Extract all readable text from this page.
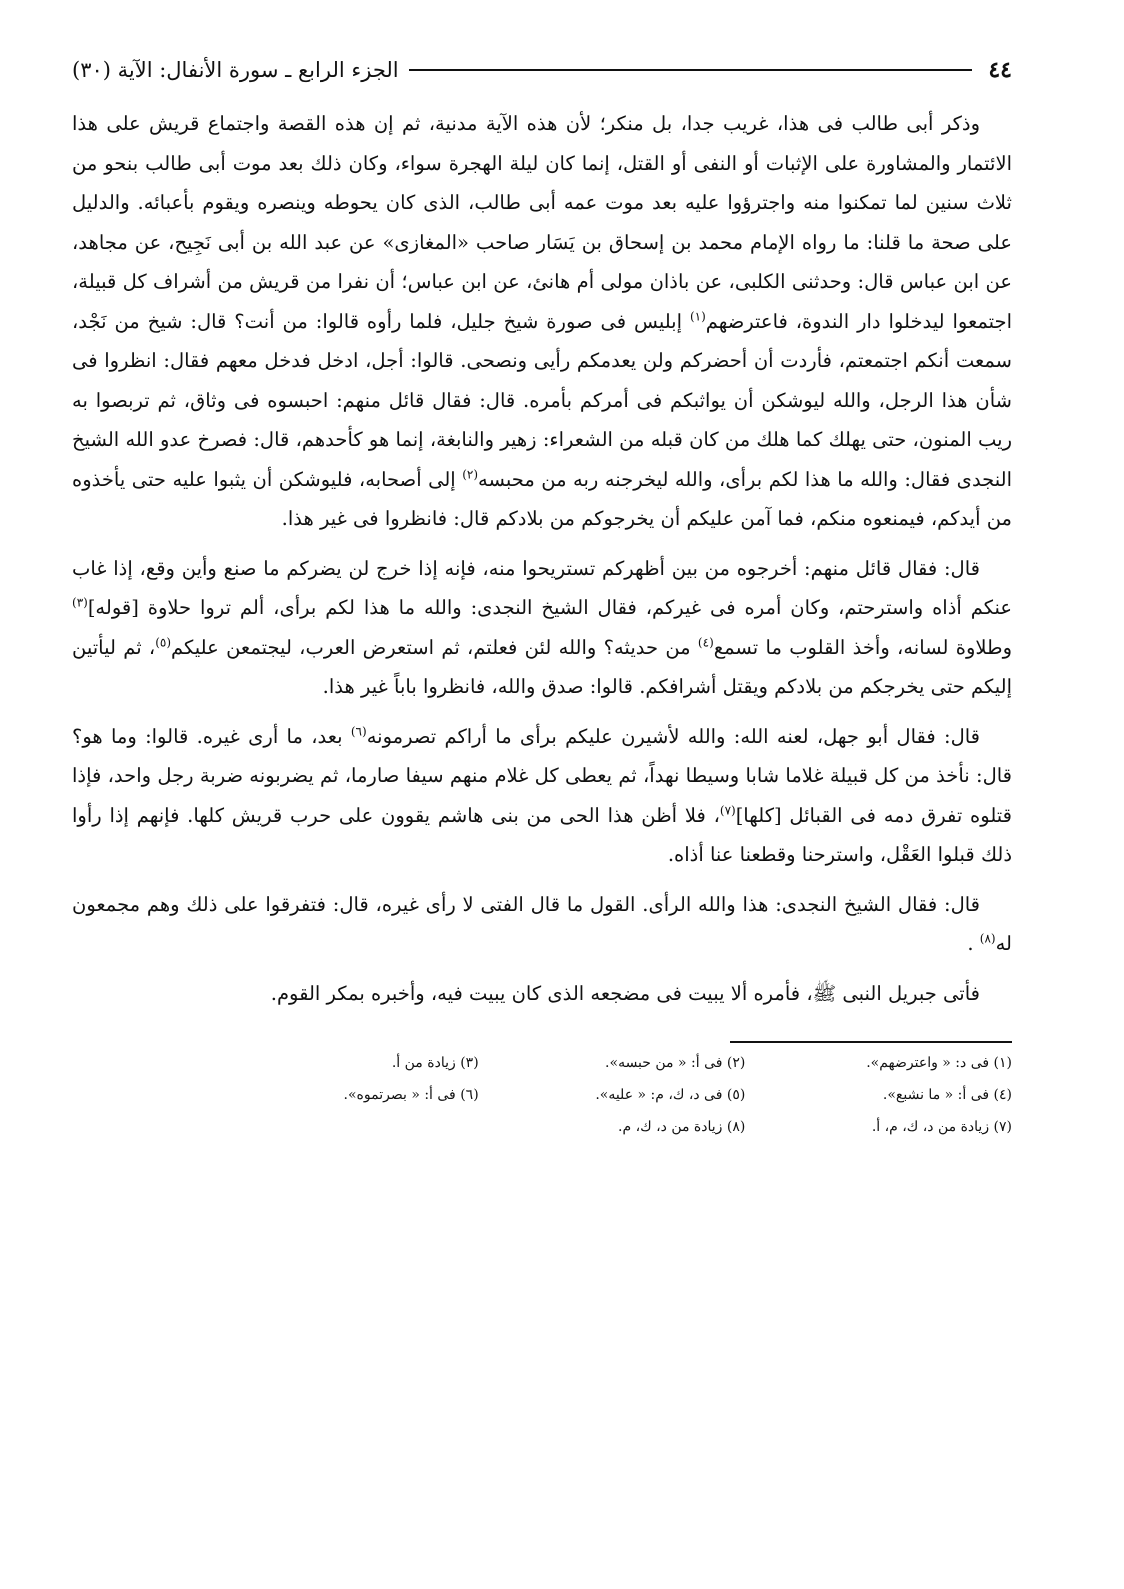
٤٤
الجزء الرابع ـ سورة الأنفال: الآية (٣٠)

وذكر أبى طالب فى هذا، غريب جدا، بل منكر؛ لأن هذه الآية مدنية، ثم إن هذه القصة واجتماع قريش على هذا الائتمار والمشاورة على الإثبات أو النفى أو القتل، إنما كان ليلة الهجرة سواء، وكان ذلك بعد موت أبى طالب بنحو من ثلاث سنين لما تمكنوا منه واجترؤوا عليه بعد موت عمه أبى طالب، الذى كان يحوطه وينصره ويقوم بأعبائه. والدليل على صحة ما قلنا: ما رواه الإمام محمد بن إسحاق بن يَسَار صاحب «المغازى» عن عبد الله بن أبى نَجِيح، عن مجاهد، عن ابن عباس قال: وحدثنى الكلبى، عن باذان مولى أم هانئ، عن ابن عباس؛ أن نفرا من قريش من أشراف كل قبيلة، اجتمعوا ليدخلوا دار الندوة، فاعترضهم$^{(١)}$ إبليس فى صورة شيخ جليل، فلما رأوه قالوا: من أنت؟ قال: شيخ من نَجْد، سمعت أنكم اجتمعتم، فأردت أن أحضركم ولن يعدمكم رأيى ونصحى. قالوا: أجل، ادخل فدخل معهم فقال: انظروا فى شأن هذا الرجل، والله ليوشكن أن يواثبكم فى أمركم بأمره. قال: فقال قائل منهم: احبسوه فى وثاق، ثم تربصوا به ريب المنون، حتى يهلك كما هلك من كان قبله من الشعراء: زهير والنابغة، إنما هو كأحدهم، قال: فصرخ عدو الله الشيخ النجدى فقال: والله ما هذا لكم برأى، والله ليخرجنه ربه من محبسه$^{(٢)}$ إلى أصحابه، فليوشكن أن يثبوا عليه حتى يأخذوه من أيدكم، فيمنعوه منكم، فما آمن عليكم أن يخرجوكم من بلادكم قال: فانظروا فى غير هذا.

قال: فقال قائل منهم: أخرجوه من بين أظهركم تستريحوا منه، فإنه إذا خرج لن يضركم ما صنع وأين وقع، إذا غاب عنكم أذاه واسترحتم، وكان أمره فى غيركم، فقال الشيخ النجدى: والله ما هذا لكم برأى، ألم تروا حلاوة [قوله]$^{(٣)}$ وطلاوة لسانه، وأخذ القلوب ما تسمع$^{(٤)}$ من حديثه؟ والله لئن فعلتم، ثم استعرض العرب، ليجتمعن عليكم$^{(٥)}$، ثم ليأتين إليكم حتى يخرجكم من بلادكم ويقتل أشرافكم. قالوا: صدق والله، فانظروا باباً غير هذا.

قال: فقال أبو جهل، لعنه الله: والله لأشيرن عليكم برأى ما أراكم تصرمونه$^{(٦)}$ بعد، ما أرى غيره. قالوا: وما هو؟ قال: نأخذ من كل قبيلة غلاما شابا وسيطا نهداً، ثم يعطى كل غلام منهم سيفا صارما، ثم يضربونه ضربة رجل واحد، فإذا قتلوه تفرق دمه فى القبائل [كلها]$^{(٧)}$، فلا أظن هذا الحى من بنى هاشم يقوون على حرب قريش كلها. فإنهم إذا رأوا ذلك قبلوا العَقْل، واسترحنا وقطعنا عنا أذاه.

قال: فقال الشيخ النجدى: هذا والله الرأى. القول ما قال الفتى لا رأى غيره، قال: فتفرقوا على ذلك وهم مجمعون له$^{(٨)}$ .

فأتى جبريل النبى ﷺ، فأمره ألا يبيت فى مضجعه الذى كان يبيت فيه، وأخبره بمكر القوم.

(١) فى د: « واعترضهم».
(٢) فى أ: « من حبسه».
(٣) زيادة من أ.
(٤) فى أ: « ما نشبع».
(٥) فى د، ك، م: « عليه».
(٦) فى أ: « بصرتموه».
(٧) زيادة من د، ك، م، أ.
(٨) زيادة من د، ك، م.
